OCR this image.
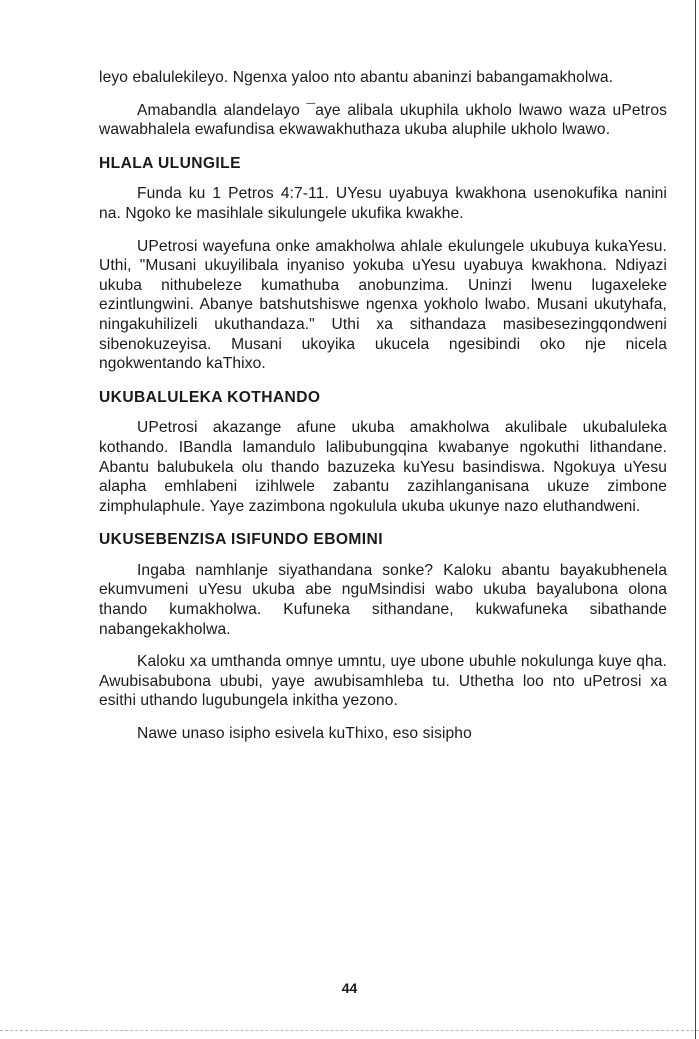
leyo ebalulekileyo. Ngenxa yaloo nto abantu abaninzi babangamakholwa.

Amabandla alandelayo ¯aye alibala ukuphila ukholo lwawo waza uPetros wawabhalela ewafundisa ekwawakhuthaza ukuba aluphile ukholo lwawo.

HLALA ULUNGILE

Funda ku 1 Petros 4:7-11. UYesu uyabuya kwakhona usenokufika nanini na. Ngoko ke masihlale sikulungele ukufika kwakhe.

UPetrosi wayefuna onke amakholwa ahlale ekulungele ukubuya kukaYesu. Uthi, "Musani ukuyilibala inyaniso yokuba uYesu uyabuya kwakhona. Ndiyazi ukuba nithubeleze kumathuba anobunzima. Uninzi lwenu lugaxeleke ezintlungwini. Abanye batshutshiswe ngenxa yokholo lwabo. Musani ukutyhafa, ningakuhilizeli ukuthandaza." Uthi xa sithandaza masibesezingqondweni sibenokuzeyisa. Musani ukoyika ukucela ngesibindi oko nje nicela ngokwentando kaThixo.

UKUBALULEKA KOTHANDO

UPetrosi akazange afune ukuba amakholwa akulibale ukubaluleka kothando. IBandla lamandulo lalibubungqina kwabanye ngokuthi lithandane. Abantu balubukela olu thando bazuzeka kuYesu basindiswa. Ngokuya uYesu alapha emhlabeni izihlwele zabantu zazihlanganisana ukuze zimbone zimphulaphule. Yaye zazimbona ngokulula ukuba ukunye nazo eluthandweni.

UKUSEBENZISA ISIFUNDO EBOMINI

Ingaba namhlanje siyathandana sonke? Kaloku abantu bayakubhenela ekumvumeni uYesu ukuba abe nguMsindisi wabo ukuba bayalubona olona thando kumakholwa. Kufuneka sithandane, kukwafuneka sibathande nabangekakholwa.

Kaloku xa umthanda omnye umntu, uye ubone ubuhle nokulunga kuye qha. Awubisabubona ububi, yaye awubisamhleba tu. Uthetha loo nto uPetrosi xa esithi uthando lugubungela inkitha yezono.

Nawe unaso isipho esivela kuThixo, eso sisipho

44
